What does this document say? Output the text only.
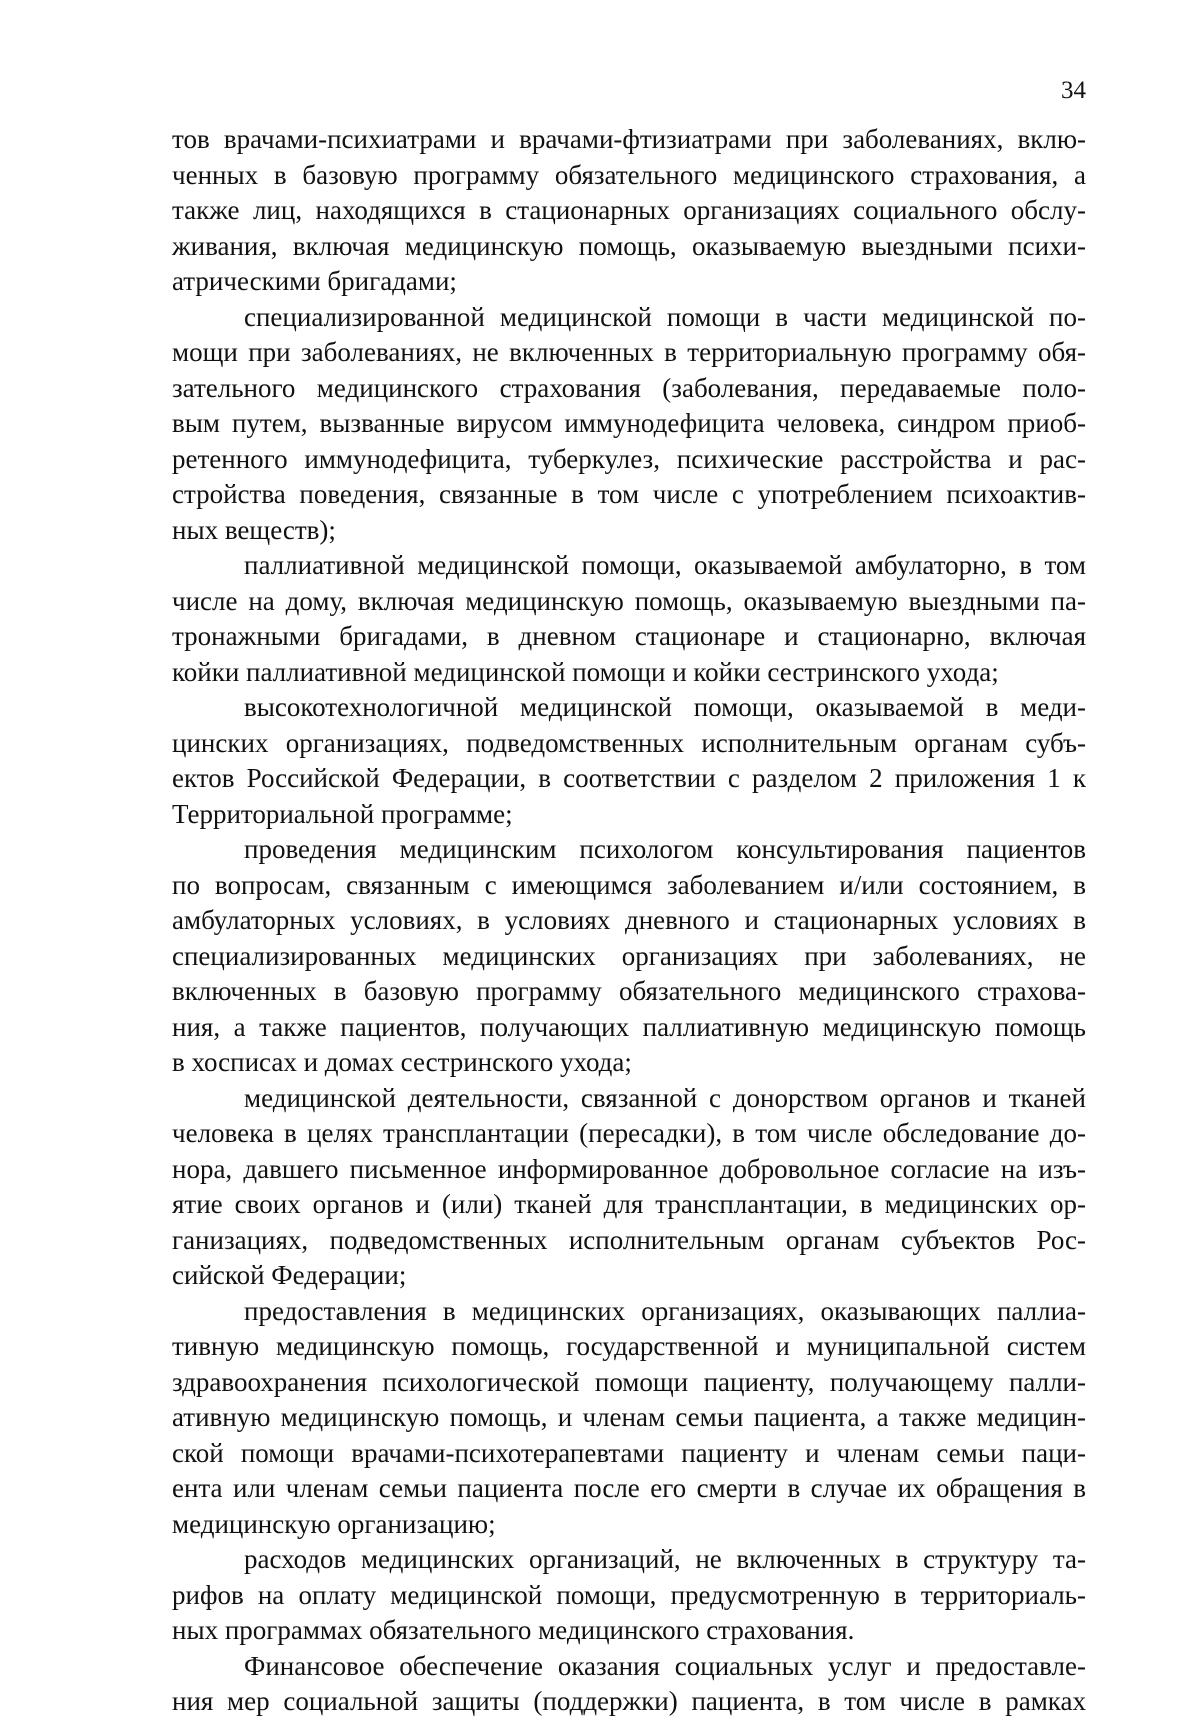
34
тов врачами-психиатрами и врачами-фтизиатрами при заболеваниях, вклю-
ченных в базовую программу обязательного медицинского страхования, а
также лиц, находящихся в стационарных организациях социального обслу-
живания, включая медицинскую помощь, оказываемую выездными психи-
атрическими бригадами;
специализированной медицинской помощи в части медицинской по-
мощи при заболеваниях, не включенных в территориальную программу обя-
зательного медицинского страхования (заболевания, передаваемые поло-
вым путем, вызванные вирусом иммунодефицита человека, синдром приоб-
ретенного иммунодефицита, туберкулез, психические расстройства и рас-
стройства поведения, связанные в том числе с употреблением психоактив-
ных веществ);
паллиативной медицинской помощи, оказываемой амбулаторно, в том
числе на дому, включая медицинскую помощь, оказываемую выездными па-
тронажными бригадами, в дневном стационаре и стационарно, включая
койки паллиативной медицинской помощи и койки сестринского ухода;
высокотехнологичной медицинской помощи, оказываемой в меди-
цинских организациях, подведомственных исполнительным органам субъ-
ектов Российской Федерации, в соответствии с разделом 2 приложения 1 к
Территориальной программе;
проведения медицинским психологом консультирования пациентов
по вопросам, связанным с имеющимся заболеванием и/или состоянием, в
амбулаторных условиях, в условиях дневного и стационарных условиях в
специализированных медицинских организациях при заболеваниях, не
включенных в базовую программу обязательного медицинского страхова-
ния, а также пациентов, получающих паллиативную медицинскую помощь
в хосписах и домах сестринского ухода;
медицинской деятельности, связанной с донорством органов и тканей
человека в целях трансплантации (пересадки), в том числе обследование до-
нора, давшего письменное информированное добровольное согласие на изъ-
ятие своих органов и (или) тканей для трансплантации, в медицинских ор-
ганизациях, подведомственных исполнительным органам субъектов Рос-
сийской Федерации;
предоставления в медицинских организациях, оказывающих паллиа-
тивную медицинскую помощь, государственной и муниципальной систем
здравоохранения психологической помощи пациенту, получающему палли-
ативную медицинскую помощь, и членам семьи пациента, а также медицин-
ской помощи врачами-психотерапевтами пациенту и членам семьи паци-
ента или членам семьи пациента после его смерти в случае их обращения в
медицинскую организацию;
расходов медицинских организаций, не включенных в структуру та-
рифов на оплату медицинской помощи, предусмотренную в территориаль-
ных программах обязательного медицинского страхования.
Финансовое обеспечение оказания социальных услуг и предоставле-
ния мер социальной защиты (поддержки) пациента, в том числе в рамках
